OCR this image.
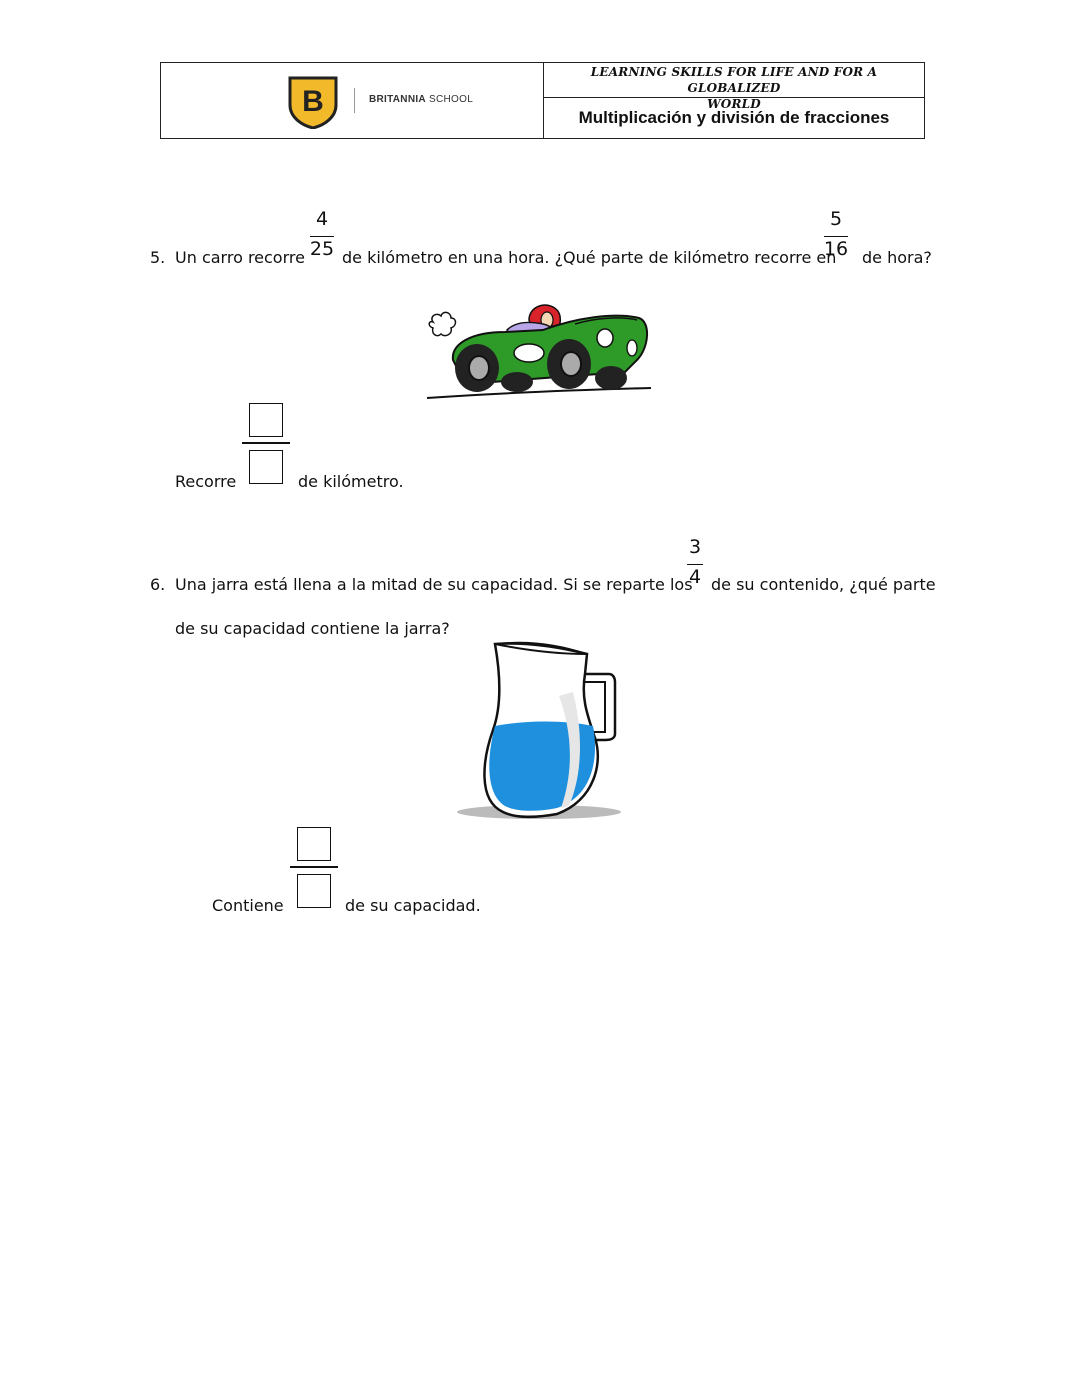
B	BRITANNIA SCHOOL
LEARNING SKILLS FOR LIFE AND FOR A GLOBALIZED
WORLD
Multiplicación y división de fracciones
5. Un carro recorre
4
25 de kilómetro en una hora. ¿Qué parte de kilómetro recorre en
5
16 de hora?
Recorre	de kilómetro.
6. Una jarra está llena a la mitad de su capacidad. Si se reparte los
3
4 de su contenido, ¿qué parte
de su capacidad contiene la jarra?
Contiene	de su capacidad.
